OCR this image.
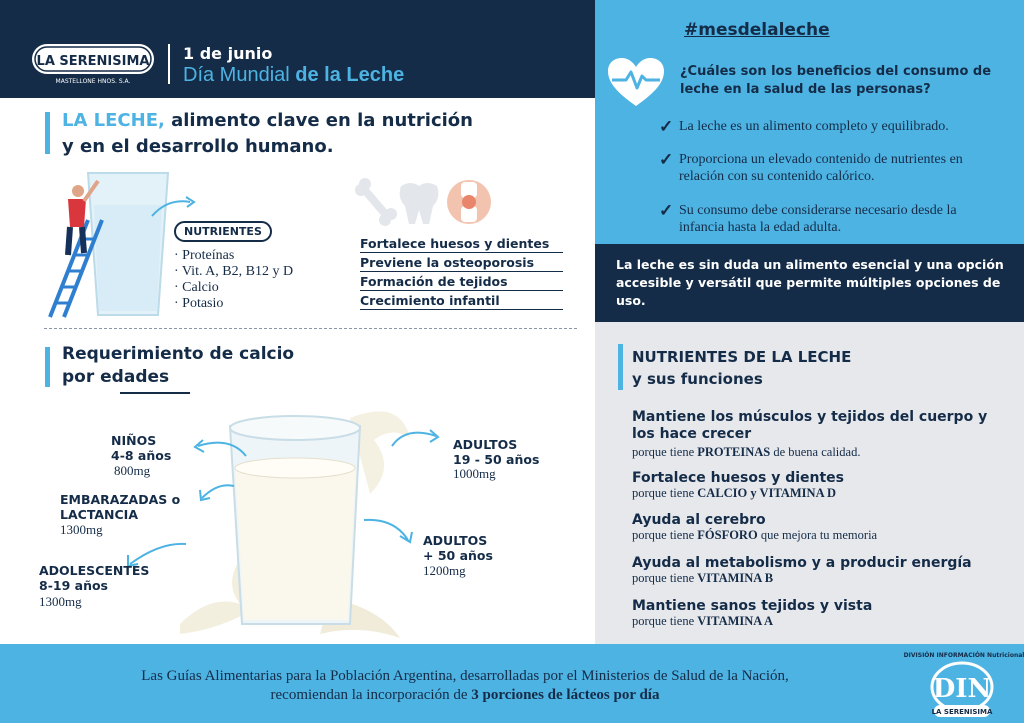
LA SERENISIMA
MASTELLONE HNOS. S.A.
1 de junio
Día Mundial de la Leche
#mesdelaleche
¿Cuáles son los beneficios del consumo de leche en la salud de las personas?
✓ La leche es un alimento completo y equilibrado.
✓ Proporciona un elevado contenido de nutrientes en relación con su contenido calórico.
✓ Su consumo debe considerarse necesario desde la infancia hasta la edad adulta.
La leche es sin duda un alimento esencial y una opción accesible y versátil que permite múltiples opciones de uso.
NUTRIENTES DE LA LECHE
y sus funciones
Mantiene los músculos y tejidos del cuerpo y los hace crecer
porque tiene PROTEINAS de buena calidad.
Fortalece huesos y dientes
porque tiene CALCIO y VITAMINA D
Ayuda al cerebro
porque tiene FÓSFORO que mejora tu memoria
Ayuda al metabolismo y a producir energía
porque tiene VITAMINA B
Mantiene sanos tejidos y vista
porque tiene VITAMINA A
LA LECHE, alimento clave en la nutrición
y en el desarrollo humano.
NUTRIENTES
· Proteínas
· Vit. A, B2, B12 y D
· Calcio
· Potasio
Fortalece huesos y dientes
Previene la osteoporosis
Formación de tejidos
Crecimiento infantil
Requerimiento de calcio
por edades
NIÑOS
4-8 años
800mg
EMBARAZADAS o
LACTANCIA
1300mg
ADOLESCENTES
8-19 años
1300mg
ADULTOS
19 - 50 años
1000mg
ADULTOS
+ 50 años
1200mg
Las Guías Alimentarias para la Población Argentina, desarrolladas por el Ministerios de Salud de la Nación,
recomiendan la incorporación de 3 porciones de lácteos por día
DIVISIÓN INFORMACIÓN Nutricional
DIN
LA SERENISIMA
